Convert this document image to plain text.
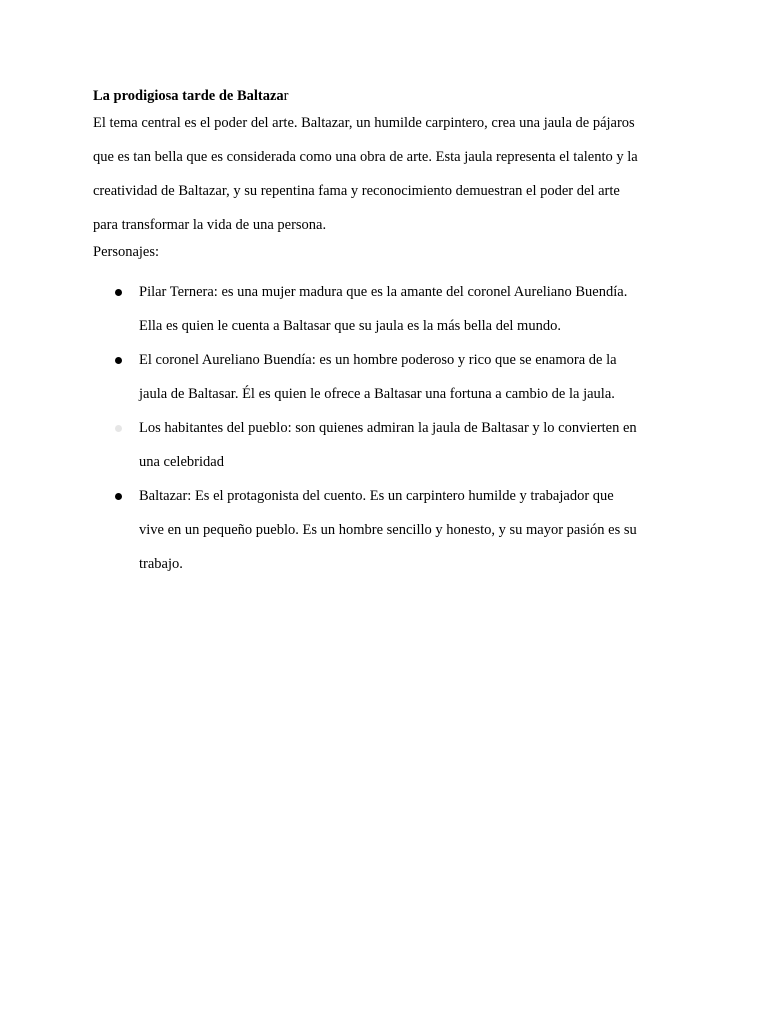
La prodigiosa tarde de Baltazar

El tema central es el poder del arte. Baltazar, un humilde carpintero, crea una jaula de pájaros
que es tan bella que es considerada como una obra de arte. Esta jaula representa el talento y la
creatividad de Baltazar, y su repentina fama y reconocimiento demuestran el poder del arte
para transformar la vida de una persona.

Personajes:
Pilar Ternera: es una mujer madura que es la amante del coronel Aureliano Buendía.
Ella es quien le cuenta a Baltasar que su jaula es la más bella del mundo.
El coronel Aureliano Buendía: es un hombre poderoso y rico que se enamora de la
jaula de Baltasar. Él es quien le ofrece a Baltasar una fortuna a cambio de la jaula.
Los habitantes del pueblo: son quienes admiran la jaula de Baltasar y lo convierten en
una celebridad
Baltazar: Es el protagonista del cuento. Es un carpintero humilde y trabajador que
vive en un pequeño pueblo. Es un hombre sencillo y honesto, y su mayor pasión es su
trabajo.
